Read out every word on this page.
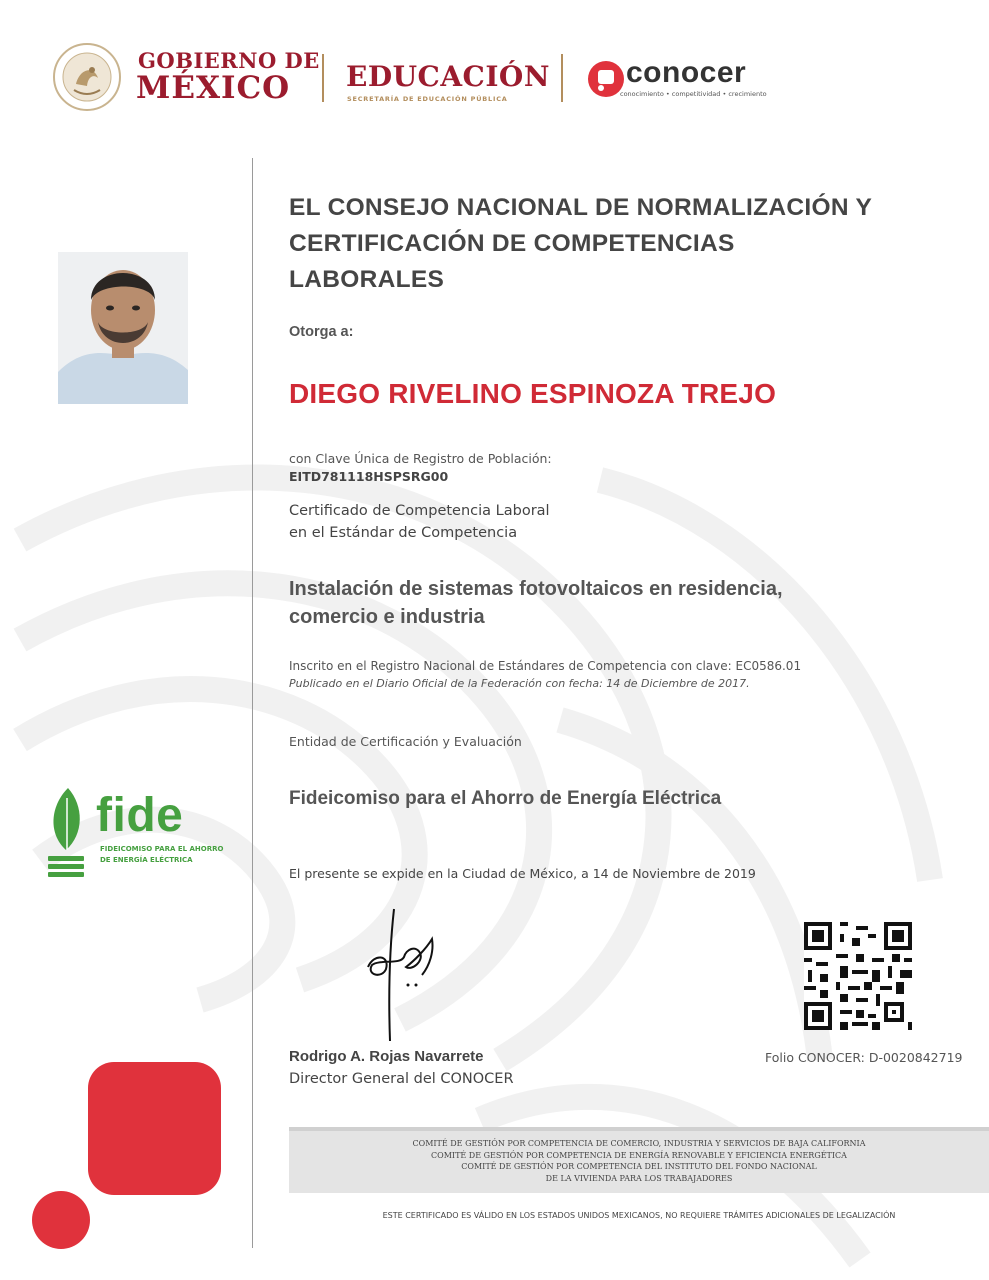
GOBIERNO DE
MÉXICO EDUCACIÓN
SECRETARÍA DE EDUCACIÓN PÚBLICA
conocer
conocimiento • competitividad • crecimiento
EL CONSEJO NACIONAL DE NORMALIZACIÓN Y CERTIFICACIÓN DE COMPETENCIAS LABORALES
Otorga a:
DIEGO RIVELINO ESPINOZA TREJO
con Clave Única de Registro de Población:
EITD781118HSPSRG00
Certificado de Competencia Laboral
en el Estándar de Competencia
Instalación de sistemas fotovoltaicos en residencia, comercio e industria
Inscrito en el Registro Nacional de Estándares de Competencia con clave: EC0586.01
Publicado en el Diario Oficial de la Federación con fecha: 14 de Diciembre de 2017.
Entidad de Certificación y Evaluación
Fideicomiso para el Ahorro de Energía Eléctrica
El presente se expide en la Ciudad de México, a 14 de Noviembre de 2019
Rodrigo A. Rojas Navarrete
Director General del CONOCER
Folio CONOCER: D-0020842719
fide
FIDEICOMISO PARA EL AHORRO
DE ENERGÍA ELÉCTRICA
COMITÉ DE GESTIÓN POR COMPETENCIA DE COMERCIO, INDUSTRIA Y SERVICIOS DE BAJA CALIFORNIA
COMITÉ DE GESTIÓN POR COMPETENCIA DE ENERGÍA RENOVABLE Y EFICIENCIA ENERGÉTICA
COMITÉ DE GESTIÓN POR COMPETENCIA DEL INSTITUTO DEL FONDO NACIONAL
DE LA VIVIENDA PARA LOS TRABAJADORES
ESTE CERTIFICADO ES VÁLIDO EN LOS ESTADOS UNIDOS MEXICANOS, NO REQUIERE TRÁMITES ADICIONALES DE LEGALIZACIÓN
